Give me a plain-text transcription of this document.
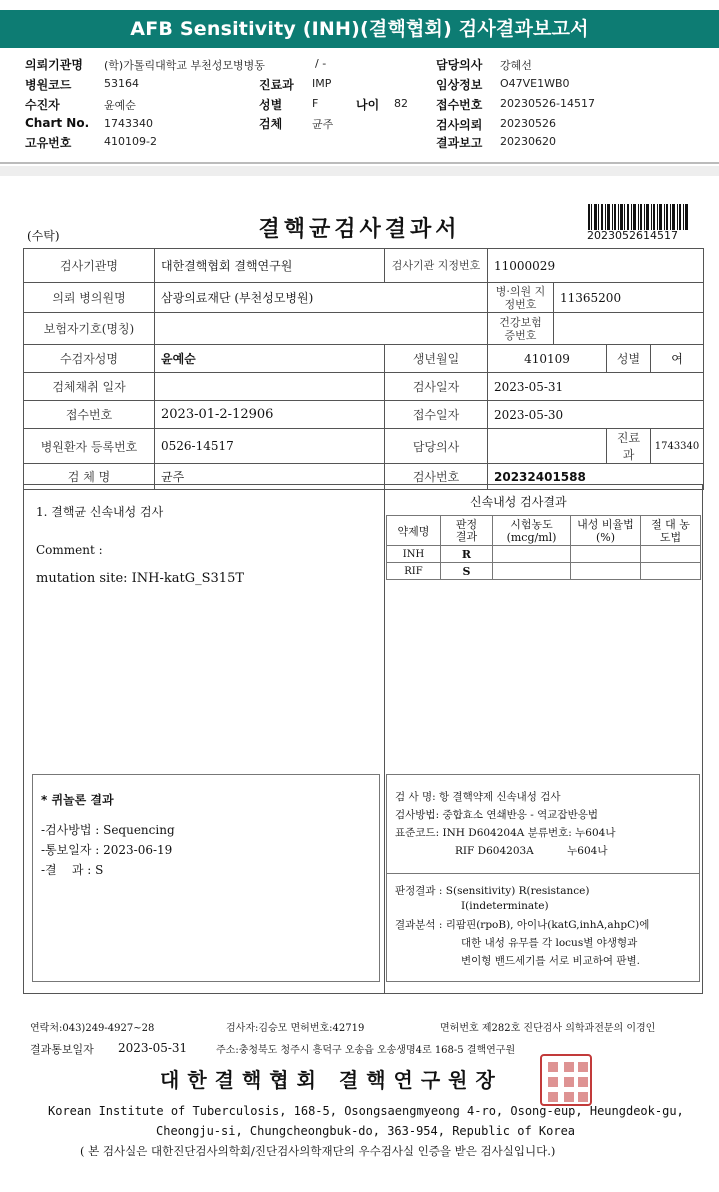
AFB Sensitivity (INH)(결핵협회) 검사결과보고서
의뢰기관명 (학)가톨릭대학교 부천성모병병동	/ -	담당의사 강혜선
병원코드	53164	진료과 IMP	임상정보 O47VE1WB0
수진자	윤예순	성별	F	나이 82 접수번호 20230526-14517
Chart No. 1743340	검체	균주	검사의뢰 20230526
고유번호	410109-2	결과보고 20230620
(수탁)	결핵균검사결과서	2023052614517
검사기관명	대한결핵협회 결핵연구원	검사기관 지정번호	11000029			
의뢰 병의원명	삼광의료재단 (부천성모병원)		병·의원 지정번호	11365200		
보험자기호(명칭)			건강보험 증번호			
수검자성명	윤예순	생년월일	410109		성별	여
검체채취 일자		검사일자	2023-05-31			
접수번호	2023-01-2-12906	접수일자	2023-05-30			
병원환자 등록번호	0526-14517	담당의사			진료과	1743340
검 체 명	균주	검사번호	20232401588			
1. 결핵균 신속내성 검사
Comment :
mutation site: INH-katG_S315T
신속내성 검사결과
약제명	판정 결과	시험농도 (mcg/ml)	내성 비율법(%)	절 대 농도법
INH	R			
RIF	S			
* 퀴놀론 결과
-검사방법 : Sequencing
-통보일자 : 2023-06-19
-결    과 : S
검 사 명: 항 결핵약제 신속내성 검사
검사방법: 중합효소 연쇄반응 - 역교잡반응법
표준코드: INH D604204A 분류번호: 누604나
RIF D604203A          누604나
판정결과 : S(sensitivity) R(resistance)
I(indeterminate)
결과분석 : 리팜핀(rpoB), 아이나(katG,inhA,ahpC)에
대한 내성 유무를 각 locus별 야생형과
변이형 밴드세기를 서로 비교하여 판별.
연락처:043)249-4927~28	검사자:김승모 면허번호:42719	면허번호 제282호 진단검사 의학과전문의 이경인
결과통보일자 2023-05-31	주소:충청북도 청주시 흥덕구 오송읍 오송생명4로 168-5 결핵연구원
대한결핵협회 결핵연구원장
Korean Institute of Tuberculosis, 168-5, Osongsaengmyeong 4-ro, Osong-eup, Heungdeok-gu,
Cheongju-si, Chungcheongbuk-do, 363-954, Republic of Korea
( 본 검사실은 대한진단검사의학회/진단검사의학재단의 우수검사실 인증을 받은 검사실입니다.)
